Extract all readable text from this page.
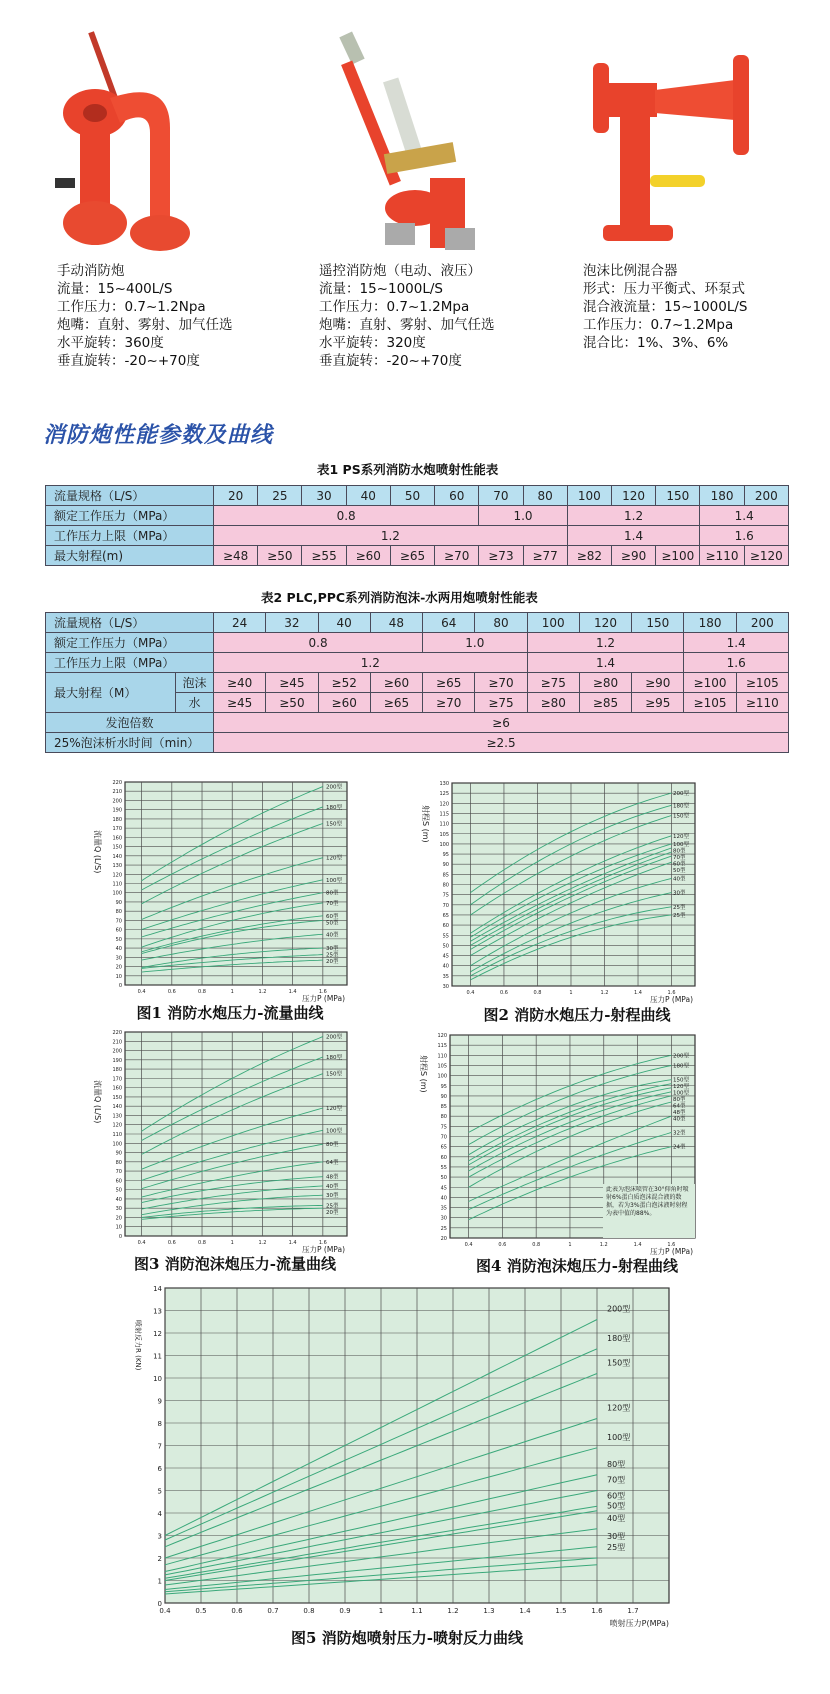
手动消防炮
流量：15~400L/S
工作压力：0.7~1.2Npa
炮嘴：直射、雾射、加气任选
水平旋转：360度
垂直旋转：-20~+70度
遥控消防炮（电动、液压）
流量：15~1000L/S
工作压力：0.7~1.2Mpa
炮嘴：直射、雾射、加气任选
水平旋转：320度
垂直旋转：-20~+70度
泡沫比例混合器
形式：压力平衡式、环泵式
混合液流量：15~1000L/S
工作压力：0.7~1.2Mpa
混合比：1%、3%、6%
消防炮性能参数及曲线
表1 PS系列消防水炮喷射性能表
流量规格（L/S）	20	25	30	40	50	60	70	80	100	120	150	180	200
额定工作压力（MPa）	0.8						1.0		1.2			1.4	
工作压力上限（MPa）	1.2								1.4			1.6	
最大射程(m)	≥48	≥50	≥55	≥60	≥65	≥70	≥73	≥77	≥82	≥90	≥100	≥110	≥120
表2 PLC,PPC系列消防泡沫-水两用炮喷射性能表
流量规格（L/S）		24	32	40	48	64	80	100	120	150	180	200
额定工作压力（MPa）		0.8				1.0		1.2			1.4	
工作压力上限（MPa）		1.2						1.4			1.6	
最大射程（M）	泡沫	≥40	≥45	≥52	≥60	≥65	≥70	≥75	≥80	≥90	≥100	≥105
	水	≥45	≥50	≥60	≥65	≥70	≥75	≥80	≥85	≥95	≥105	≥110
发泡倍数		≥6										
25%泡沫析水时间（min）		≥2.5										
0
10
20
30
40
50
60
70
80
90
100
110
120
130
140
150
160
170
180
190
200
210
220
0.4	0.6	0.8	1	1.2	1.4	1.6
流量Q (L/S)
压力P (MPa)
200型
180型
150型
120型
100型
80型
70型
60型
50型
40型
30型
25型
20型
30
35
40
45
50
55
60
65
70
75
80
85
90
95
100
105
110
115
120
125
130
0.4	0.6	0.8	1	1.2	1.4	1.6
射程S (m)
压力P (MPa)
200型
180型
150型
120型
100型
80型
70型
60型
50型
40型
30型
25型
25型
0
10
20
30
40
50
60
70
80
90
100
110
120
130
140
150
160
170
180
190
200
210
220
0.4	0.6	0.8	1	1.2	1.4	1.6
流量Q (L/S)
压力P (MPa)
200型
180型
150型
120型
100型
80型
64型
48型
40型
30型
25型
20型
20
25
30
35
40
45
50
55
60
65
70
75
80
85
90
95
100
105
110
115
120
0.4	0.6	0.8	1	1.2	1.4	1.6
射程S (m)
压力P (MPa)
200型
180型
150型
120型
100型
80型
64型
48型
40型
32型
24型
此表为泡沫喷管在30°仰角时喷射6%蛋白质泡沫混合液的数据，若为3%蛋白泡沫液时射程为表中值的88%。
0
1
2
3
4
5
6
7
8
9
10
11
12
13
14
0.4	0.5	0.6	0.7	0.8	0.9	1	1.1	1.2	1.3	1.4	1.5	1.6	1.7
喷射反力R (KN)
喷射压力P(MPa)
200型
180型
150型
120型
100型
80型
70型
60型
50型
40型
30型
25型
图1 消防水炮压力-流量曲线	图2 消防水炮压力-射程曲线
图3 消防泡沫炮压力-流量曲线	图4 消防泡沫炮压力-射程曲线
图5 消防炮喷射压力-喷射反力曲线
